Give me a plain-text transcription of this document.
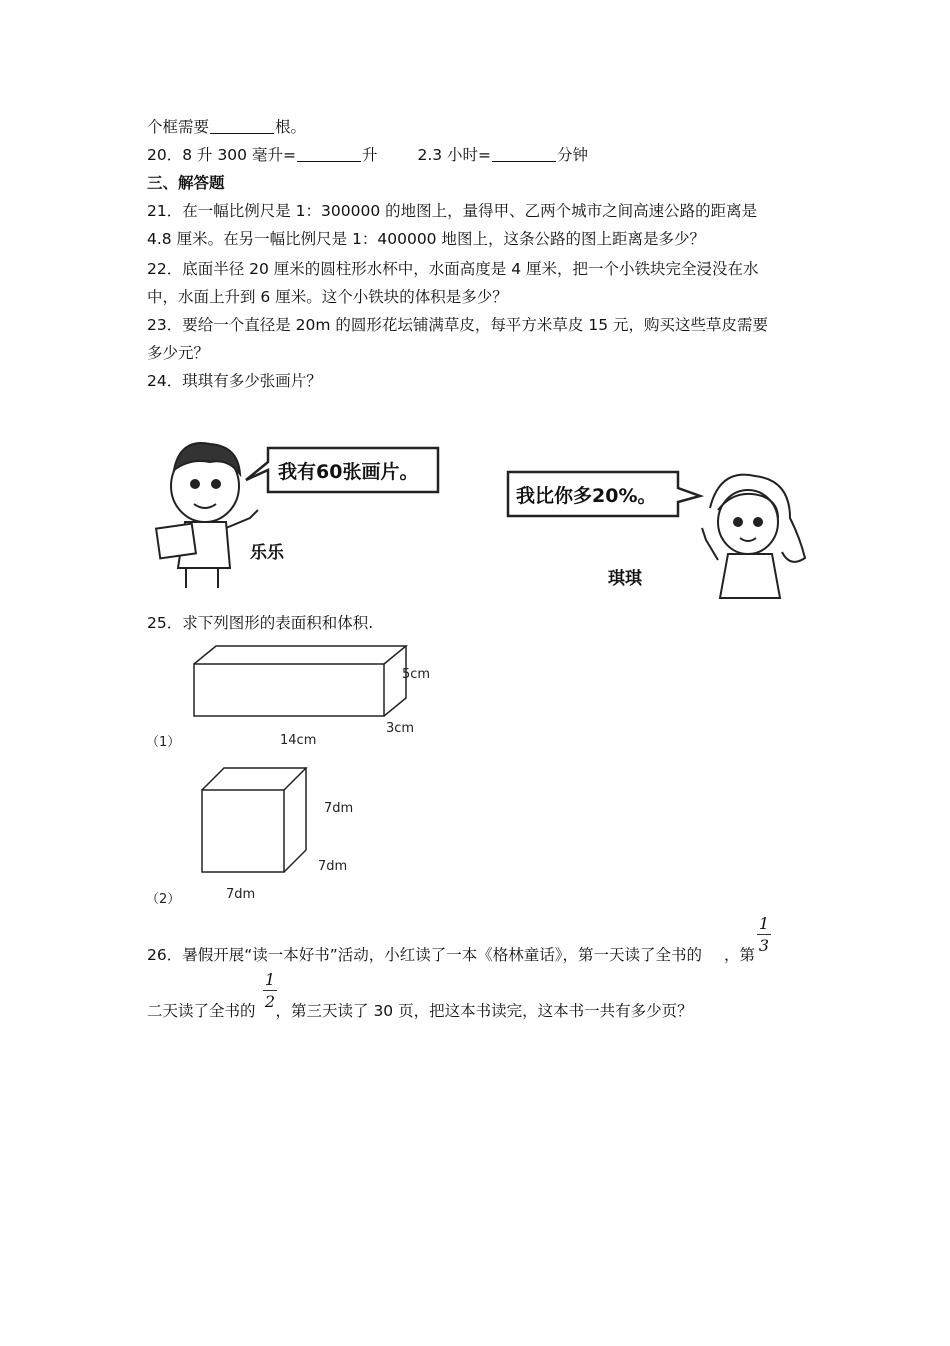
个框需要	根。
20．8 升 300 毫升=	升	2.3 小时=	分钟
三、解答题
21．在一幅比例尺是 1：300000 的地图上，量得甲、乙两个城市之间高速公路的距离是
4.8 厘米。在另一幅比例尺是 1：400000 地图上，这条公路的图上距离是多少？
22．底面半径 20 厘米的圆柱形水杯中，水面高度是 4 厘米，把一个小铁块完全浸没在水
中，水面上升到 6 厘米。这个小铁块的体积是多少？
23．要给一个直径是 20m 的圆形花坛铺满草皮，每平方米草皮 15 元，购买这些草皮需要
多少元？
24．琪琪有多少张画片？
我有60张画片。
乐乐
我比你多20%。
琪琪
25．求下列图形的表面积和体积.
5cm
3cm
14cm
（1）
7dm
7dm
7dm
（2）
26．暑假开展“读一本好书”活动，小红读了一本《格林童话》，第一天读了全书的 ，第
1
3
二天读了全书的 ，第三天读了 30 页，把这本书读完，这本书一共有多少页？
1
2
